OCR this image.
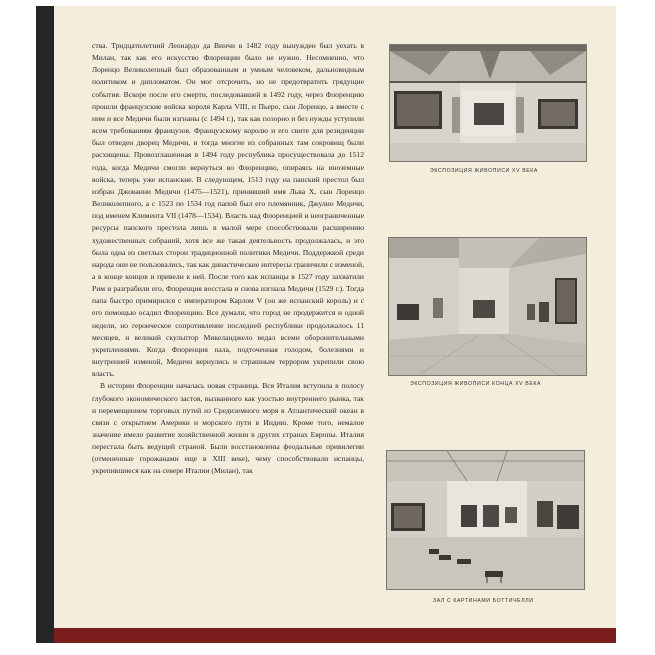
ства. Тридцатилетний Леонардо да Винчи в 1482 году вынужден был уехать в Милан, так как его искусство Флоренции было не нужно. Несомненно, что Лоренцо Великолепный был образованным и умным человеком, дальновидным политиком и дипломатом. Он мог отсрочить, но не предотвратить грядущие события. Вскоре после его смерти, последовавшей в 1492 году, через Флоренцию прошли французские войска короля Карла VIII, и Пьеро, сын Лоренцо, а вместе с ним и все Медичи были изгнаны (с 1494 г.), так как позорно и без нужды уступили всем требованиям французов. Французскому королю и его свите для резиденции был отведен дворец Медичи, и тогда многие из собранных там сокровищ были расхищены. Провозглашенная в 1494 году республика просуществовала до 1512 года, когда Медичи смогли вернуться во Флоренцию, опираясь на иноземные войска, теперь уже испанские. В следующем, 1513 году на папский престол был избран Джованни Медичи (1475—1521), принявший имя Льва X, сын Лоренцо Великолепного, а с 1523 по 1534 год папой был его племянник, Джулио Медичи, под именем Климента VII (1478—1534). Власть над Флоренцией и неограниченные ресурсы папского престола лишь в малой мере способствовали расширению художественных собраний, хотя все же такая деятельность продолжалась, и это была одна из светлых сторон традиционной политики Медичи. Поддержкой среди народа они не пользовались, так как династические интересы граничили с изменой, а в конце концов и привели к ней. После того как испанцы в 1527 году захватили Рим и разграбили его, Флоренция восстала и снова изгнала Медичи (1529 г.). Тогда папа быстро примирился с императором Карлом V (он же испанский король) и с его помощью осадил Флоренцию. Все думали, что город не продержится и одной недели, но героическое сопротивление последней республики продолжалось 11 месяцев, и великий скульптор Микеланджело ведал всеми оборонительными укреплениями. Когда Флоренция пала, подточенная голодом, болезнями и внутренней изменой, Медичи вернулись и страшным террором укрепили свою власть.

В истории Флоренции началась новая страница. Вся Италия вступила в полосу глубокого экономического застоя, вызванного как узостью внутреннего рынка, так и перемещением торговых путей из Средиземного моря в Атлантический океан в связи с открытием Америки и морского пути в Индию. Кроме того, немалое значение имело развитие хозяйственной жизни в других странах Европы. Италия перестала быть ведущей страной. Были восстановлены феодальные привилегии (отмененные горожанами еще в XIII веке), чему способствовали испанцы, укрепившиеся как на севере Италии (Милан), так

ЭКСПОЗИЦИЯ ЖИВОПИСИ XV ВЕКА
ЭКСПОЗИЦИЯ ЖИВОПИСИ КОНЦА XV ВЕКА
ЗАЛ С КАРТИНАМИ БОТТИЧЕЛЛИ
